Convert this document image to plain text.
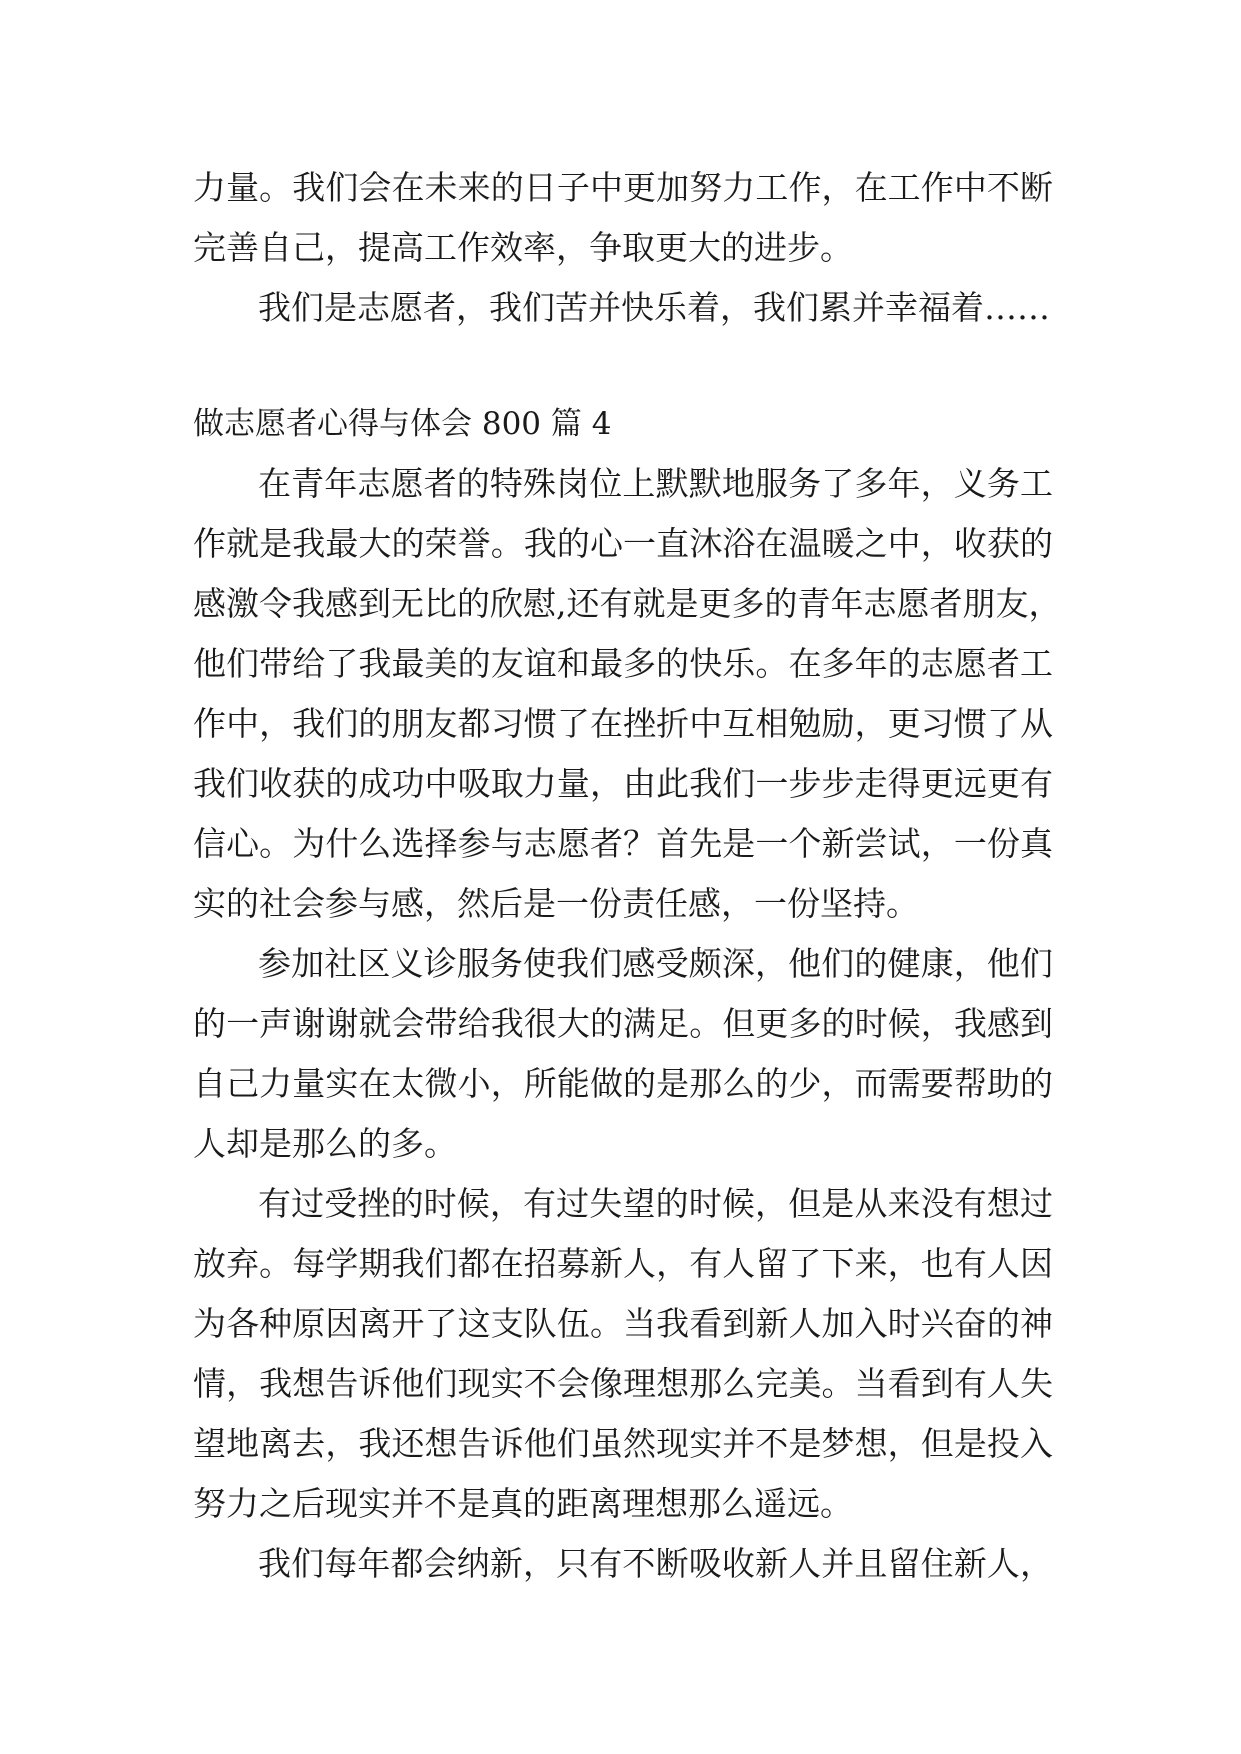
力量。我们会在未来的日子中更加努力工作，在工作中不断
完善自己，提高工作效率，争取更大的进步。
我们是志愿者，我们苦并快乐着，我们累并幸福着……
做志愿者心得与体会 800 篇 4
在青年志愿者的特殊岗位上默默地服务了多年，义务工
作就是我最大的荣誉。我的心一直沐浴在温暖之中，收获的
感激令我感到无比的欣慰,还有就是更多的青年志愿者朋友，
他们带给了我最美的友谊和最多的快乐。在多年的志愿者工
作中，我们的朋友都习惯了在挫折中互相勉励，更习惯了从
我们收获的成功中吸取力量，由此我们一步步走得更远更有
信心。为什么选择参与志愿者？首先是一个新尝试，一份真
实的社会参与感，然后是一份责任感，一份坚持。
参加社区义诊服务使我们感受颇深，他们的健康，他们
的一声谢谢就会带给我很大的满足。但更多的时候，我感到
自己力量实在太微小，所能做的是那么的少，而需要帮助的
人却是那么的多。
有过受挫的时候，有过失望的时候，但是从来没有想过
放弃。每学期我们都在招募新人，有人留了下来，也有人因
为各种原因离开了这支队伍。当我看到新人加入时兴奋的神
情，我想告诉他们现实不会像理想那么完美。当看到有人失
望地离去，我还想告诉他们虽然现实并不是梦想，但是投入
努力之后现实并不是真的距离理想那么遥远。
我们每年都会纳新，只有不断吸收新人并且留住新人，
